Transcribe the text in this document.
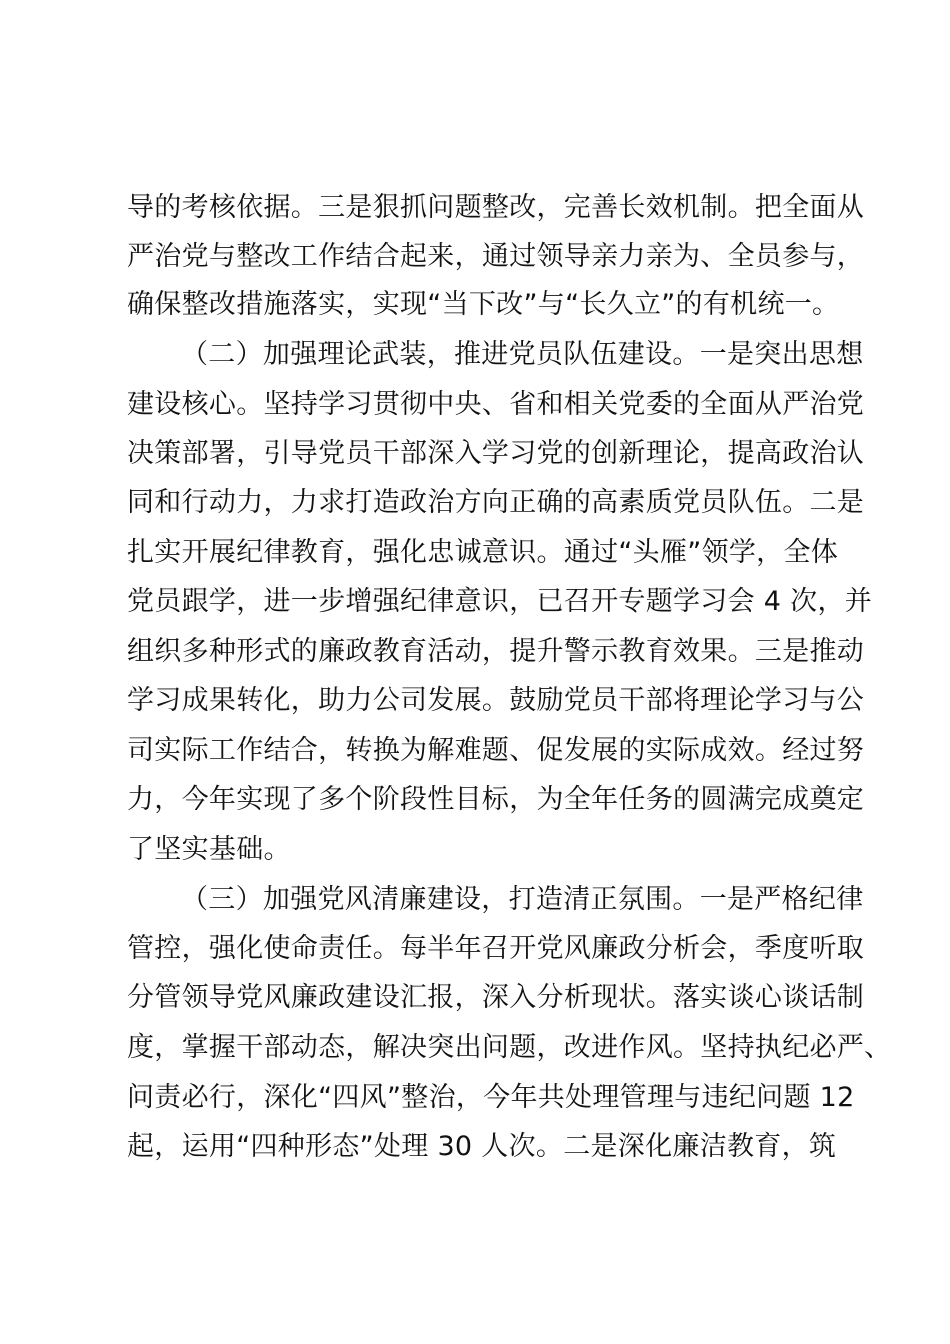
导的考核依据。三是狠抓问题整改，完善长效机制。把全面从
严治党与整改工作结合起来，通过领导亲力亲为、全员参与，
确保整改措施落实，实现“当下改”与“长久立”的有机统一。
（二）加强理论武装，推进党员队伍建设。一是突出思想
建设核心。坚持学习贯彻中央、省和相关党委的全面从严治党
决策部署，引导党员干部深入学习党的创新理论，提高政治认
同和行动力，力求打造政治方向正确的高素质党员队伍。二是
扎实开展纪律教育，强化忠诚意识。通过“头雁”领学，全体
党员跟学，进一步增强纪律意识，已召开专题学习会 4 次，并
组织多种形式的廉政教育活动，提升警示教育效果。三是推动
学习成果转化，助力公司发展。鼓励党员干部将理论学习与公
司实际工作结合，转换为解难题、促发展的实际成效。经过努
力，今年实现了多个阶段性目标，为全年任务的圆满完成奠定
了坚实基础。
（三）加强党风清廉建设，打造清正氛围。一是严格纪律
管控，强化使命责任。每半年召开党风廉政分析会，季度听取
分管领导党风廉政建设汇报，深入分析现状。落实谈心谈话制
度，掌握干部动态，解决突出问题，改进作风。坚持执纪必严、
问责必行，深化“四风”整治，今年共处理管理与违纪问题 12
起，运用“四种形态”处理 30 人次。二是深化廉洁教育，筑
